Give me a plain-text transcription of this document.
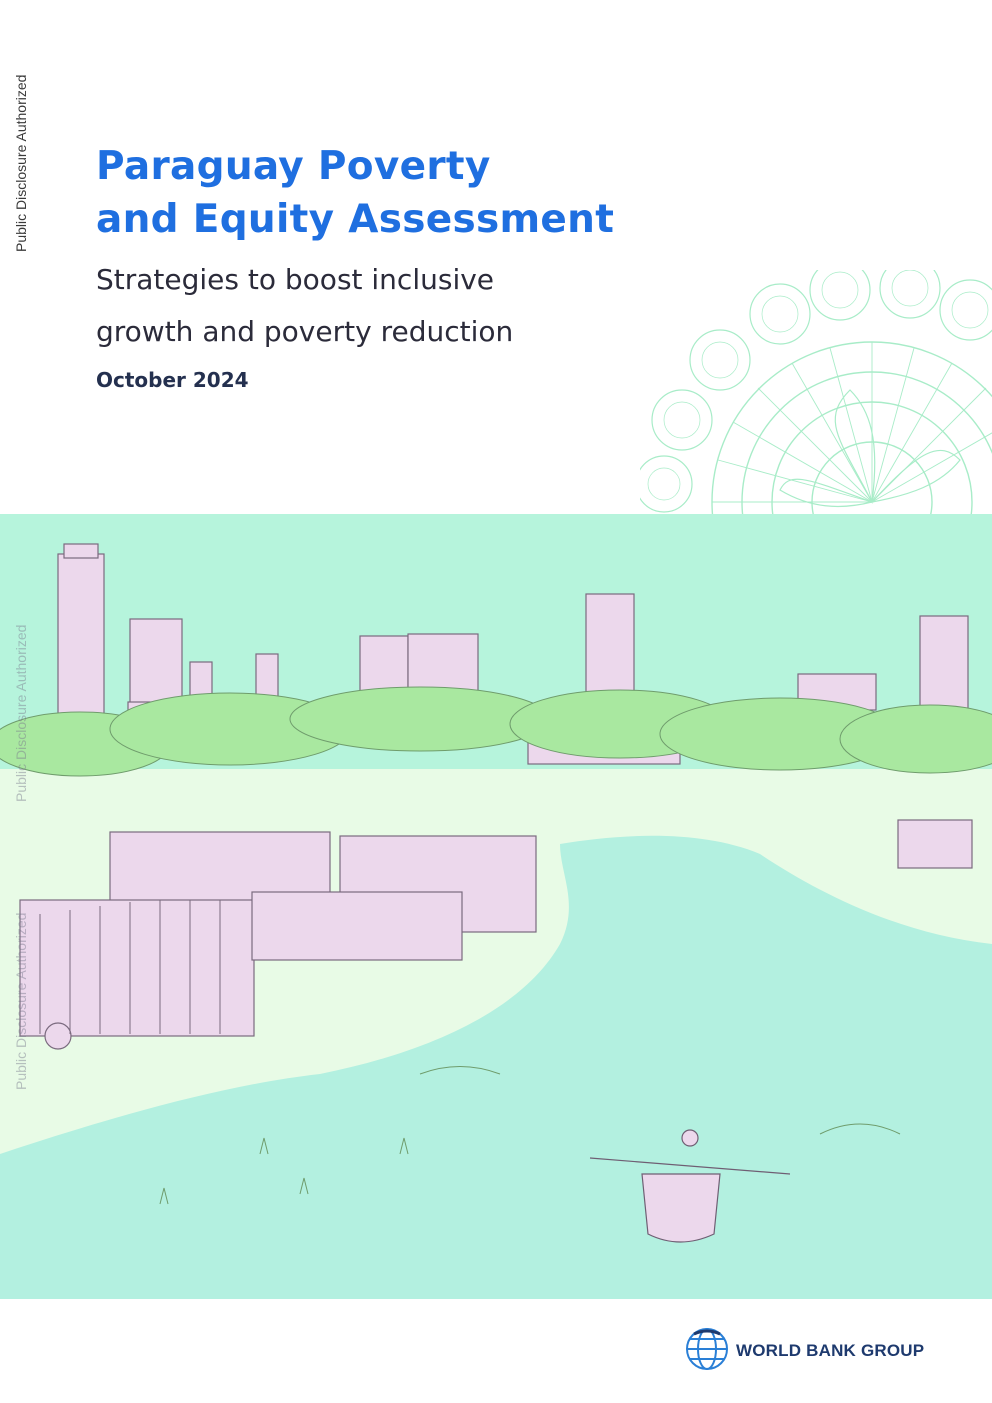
Public Disclosure Authorized Paraguay Poverty
and Equity Assessment
Strategies to boost inclusive
growth and poverty reduction
October 2024
Public Disclosure Authorized
Public Disclosure Authorized
WORLD BANK GROUP
